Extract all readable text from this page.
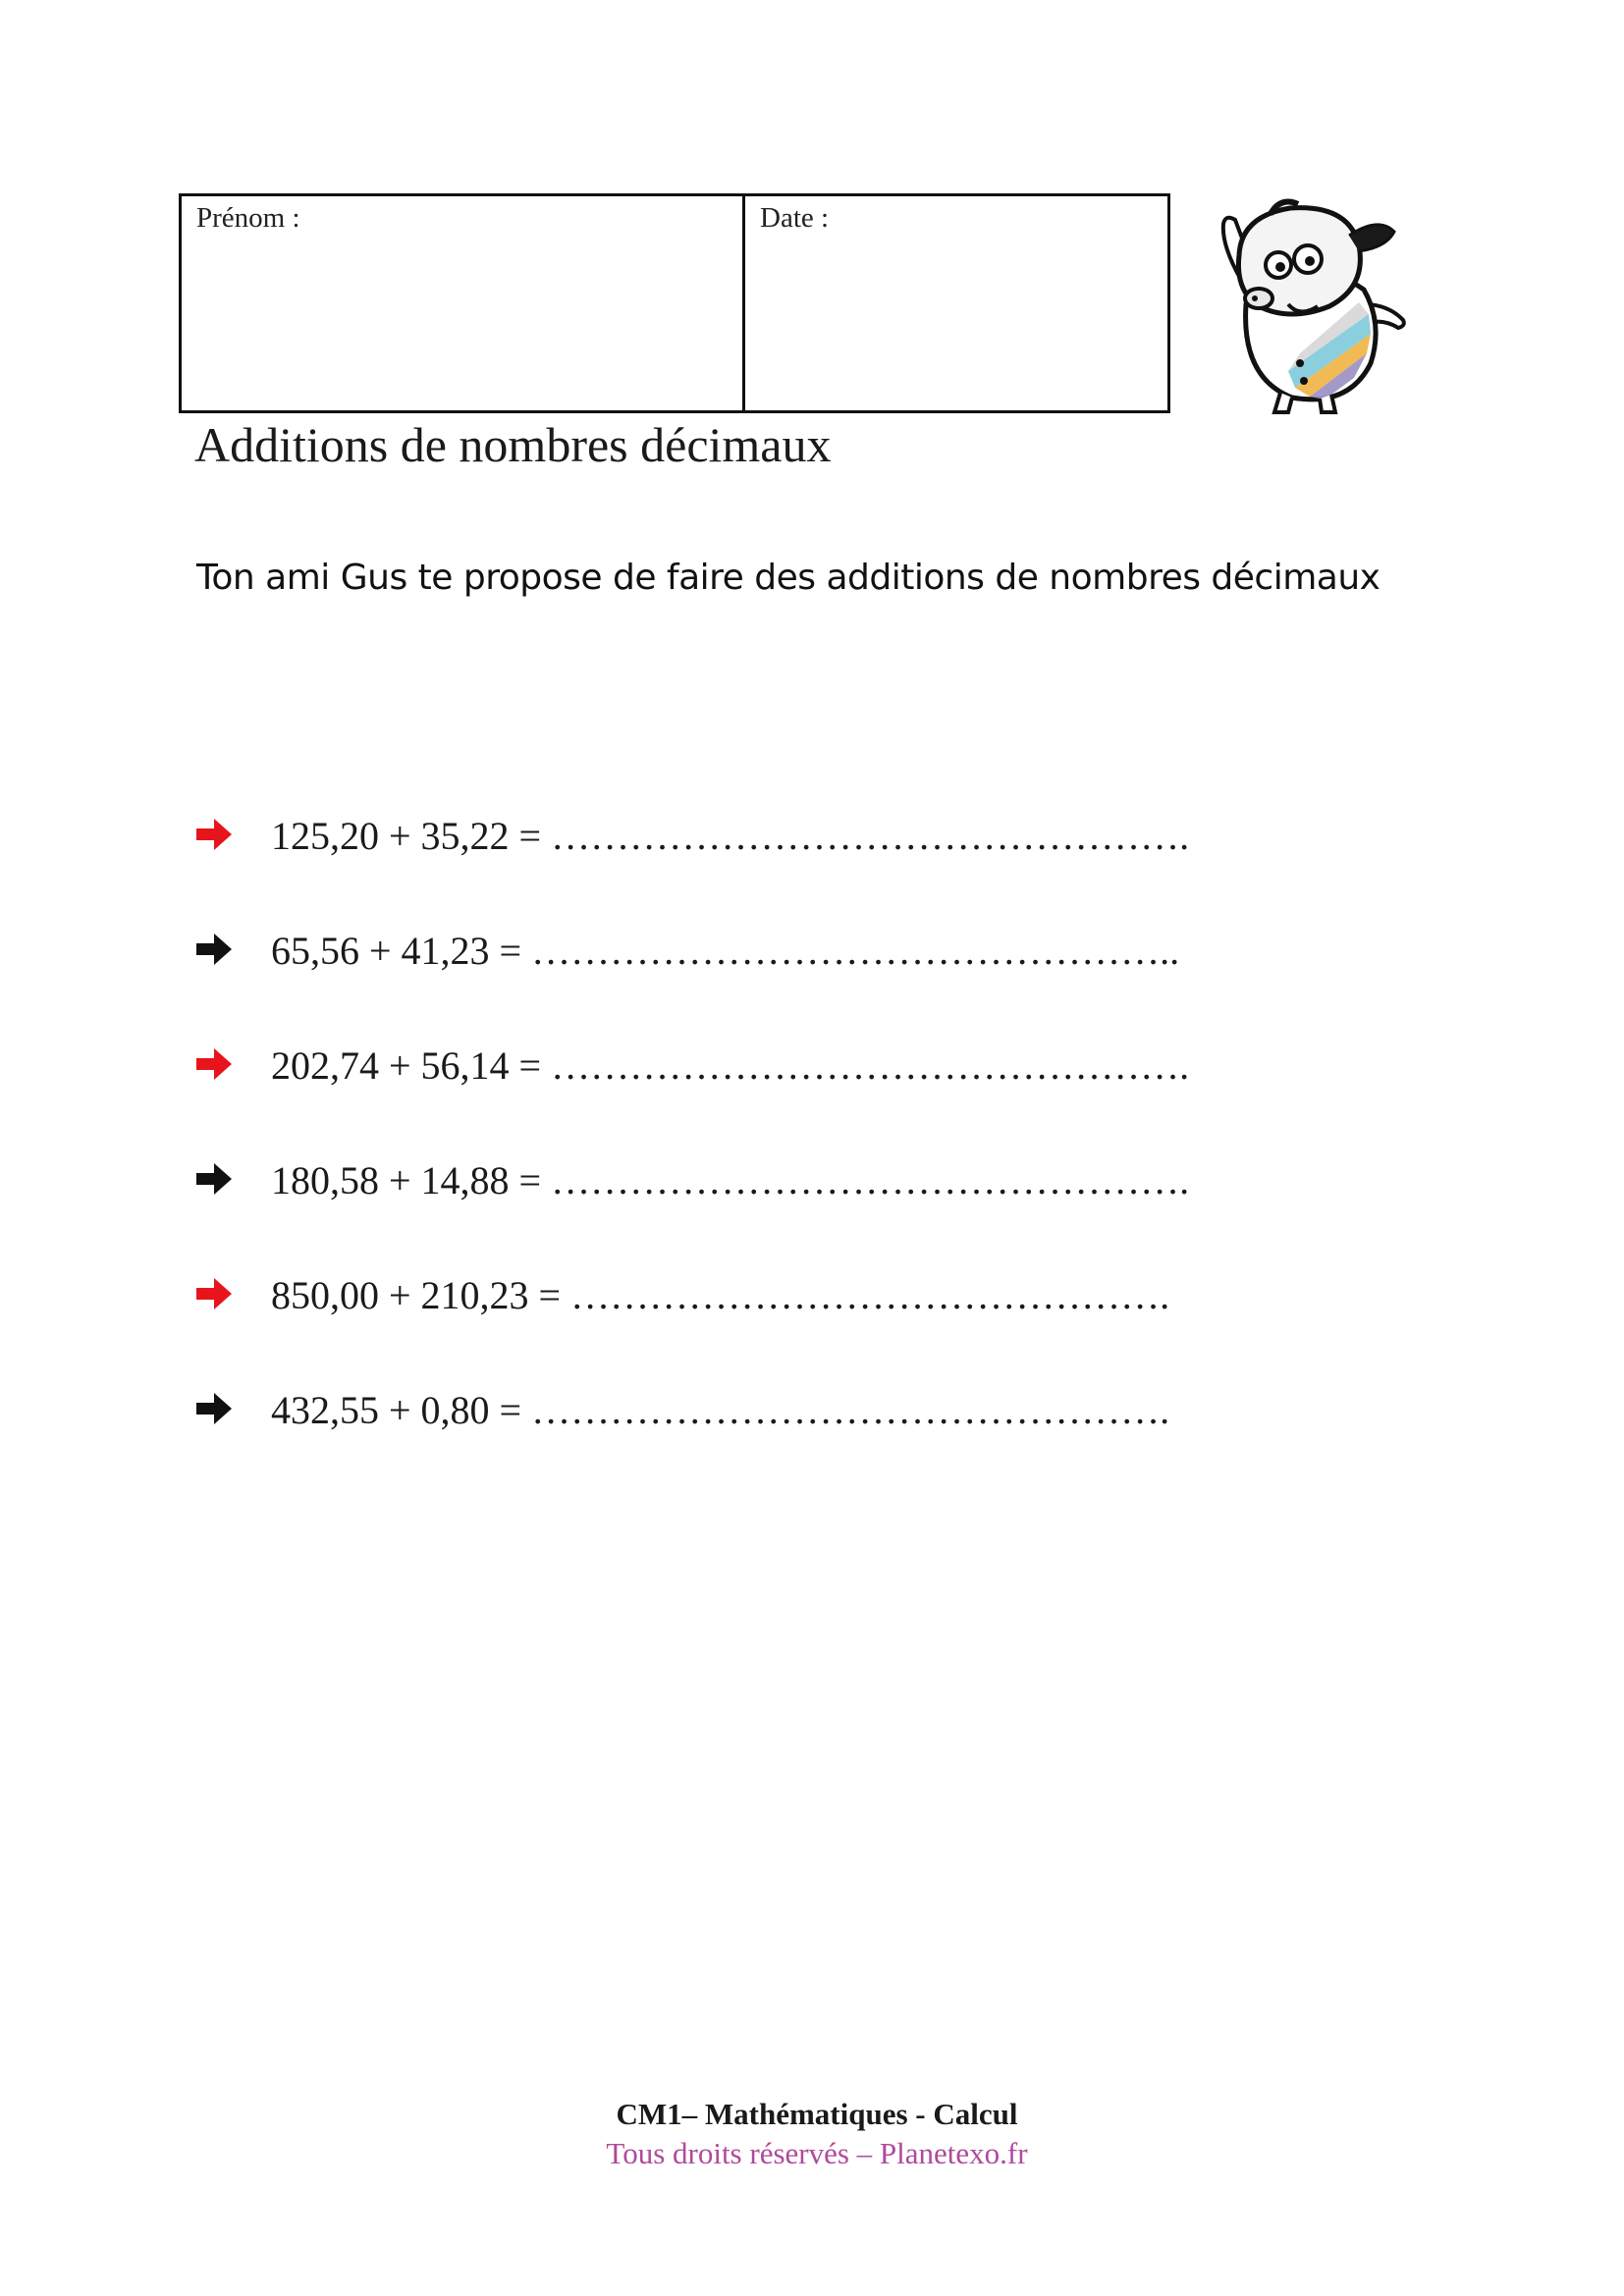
Prénom :	Date :
Additions de nombres décimaux
Ton ami Gus te propose de faire des additions de nombres décimaux
125,20 + 35,22 = ………………………………………….
65,56 + 41,23 = …………………………………………..
202,74 + 56,14 = ………………………………………….
180,58 + 14,88 = ………………………………………….
850,00 + 210,23 = ……………………………………….
432,55 + 0,80 = ………………………………………….
CM1– Mathématiques - Calcul
Tous droits réservés – Planetexo.fr
